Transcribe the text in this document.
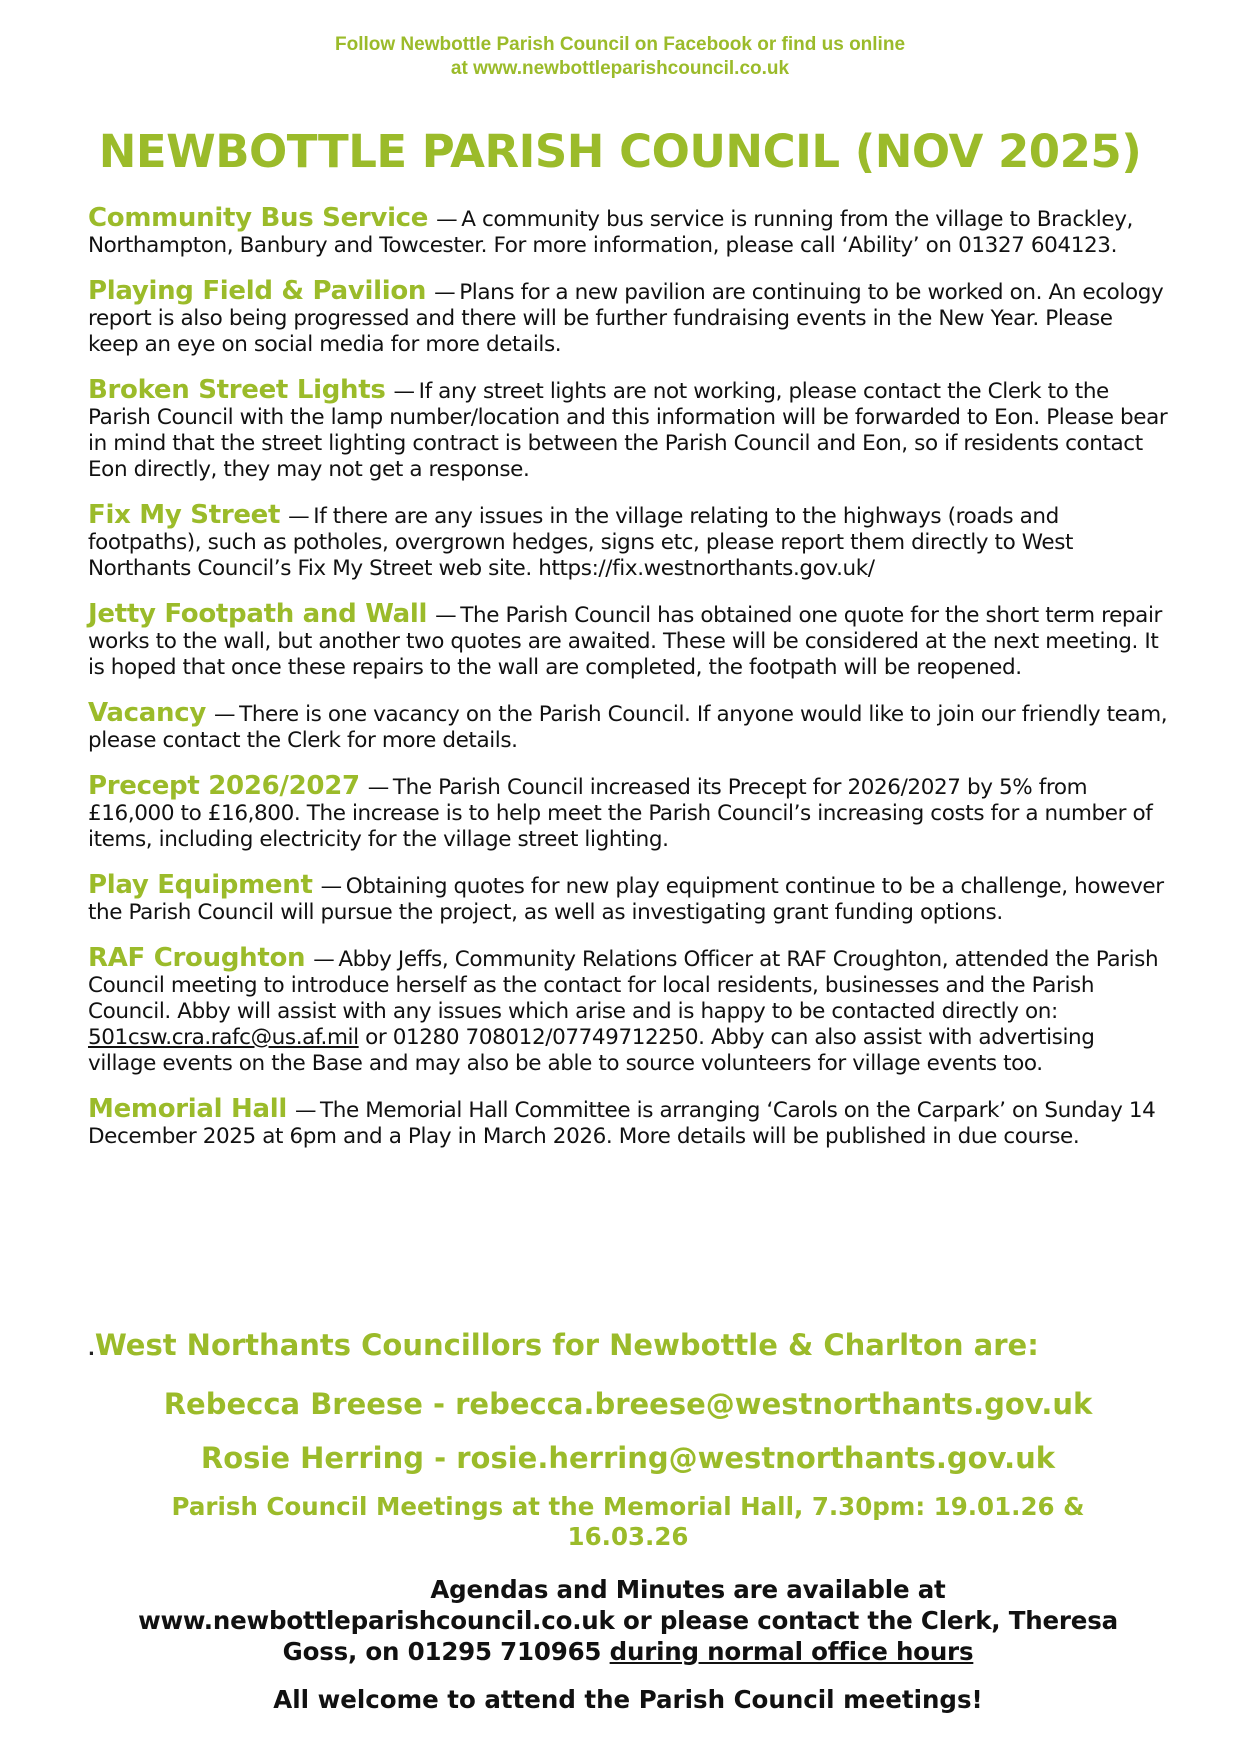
Follow Newbottle Parish Council on Facebook or find us online
at www.newbottleparishcouncil.co.uk
NEWBOTTLE PARISH COUNCIL (NOV 2025)

Community Bus Service — A community bus service is running from the village to Brackley, Northampton, Banbury and Towcester. For more information, please call ‘Ability’ on 01327 604123.

Playing Field & Pavilion — Plans for a new pavilion are continuing to be worked on. An ecology report is also being progressed and there will be further fundraising events in the New Year. Please keep an eye on social media for more details.

Broken Street Lights — If any street lights are not working, please contact the Clerk to the Parish Council with the lamp number/location and this information will be forwarded to Eon. Please bear in mind that the street lighting contract is between the Parish Council and Eon, so if residents contact Eon directly, they may not get a response.

Fix My Street — If there are any issues in the village relating to the highways (roads and footpaths), such as potholes, overgrown hedges, signs etc, please report them directly to West Northants Council’s Fix My Street web site. https://fix.westnorthants.gov.uk/

Jetty Footpath and Wall — The Parish Council has obtained one quote for the short term repair works to the wall, but another two quotes are awaited. These will be considered at the next meeting. It is hoped that once these repairs to the wall are completed, the footpath will be reopened.

Vacancy — There is one vacancy on the Parish Council. If anyone would like to join our friendly team, please contact the Clerk for more details.

Precept 2026/2027 — The Parish Council increased its Precept for 2026/2027 by 5% from £16,000 to £16,800. The increase is to help meet the Parish Council’s increasing costs for a number of items, including electricity for the village street lighting.

Play Equipment — Obtaining quotes for new play equipment continue to be a challenge, however the Parish Council will pursue the project, as well as investigating grant funding options.

RAF Croughton — Abby Jeffs, Community Relations Officer at RAF Croughton, attended the Parish Council meeting to introduce herself as the contact for local residents, businesses and the Parish Council. Abby will assist with any issues which arise and is happy to be contacted directly on: 501csw.cra.rafc@us.af.mil or 01280 708012/07749712250. Abby can also assist with advertising village events on the Base and may also be able to source volunteers for village events too.

Memorial Hall — The Memorial Hall Committee is arranging ‘Carols on the Carpark’ on Sunday 14 December 2025 at 6pm and a Play in March 2026. More details will be published in due course.

.West Northants Councillors for Newbottle & Charlton are:
Rebecca Breese - rebecca.breese@westnorthants.gov.uk
Rosie Herring - rosie.herring@westnorthants.gov.uk
Parish Council Meetings at the Memorial Hall, 7.30pm: 19.01.26 &
16.03.26
Agendas and Minutes are available at
www.newbottleparishcouncil.co.uk or please contact the Clerk, Theresa
Goss, on 01295 710965 during normal office hours
All welcome to attend the Parish Council meetings!
